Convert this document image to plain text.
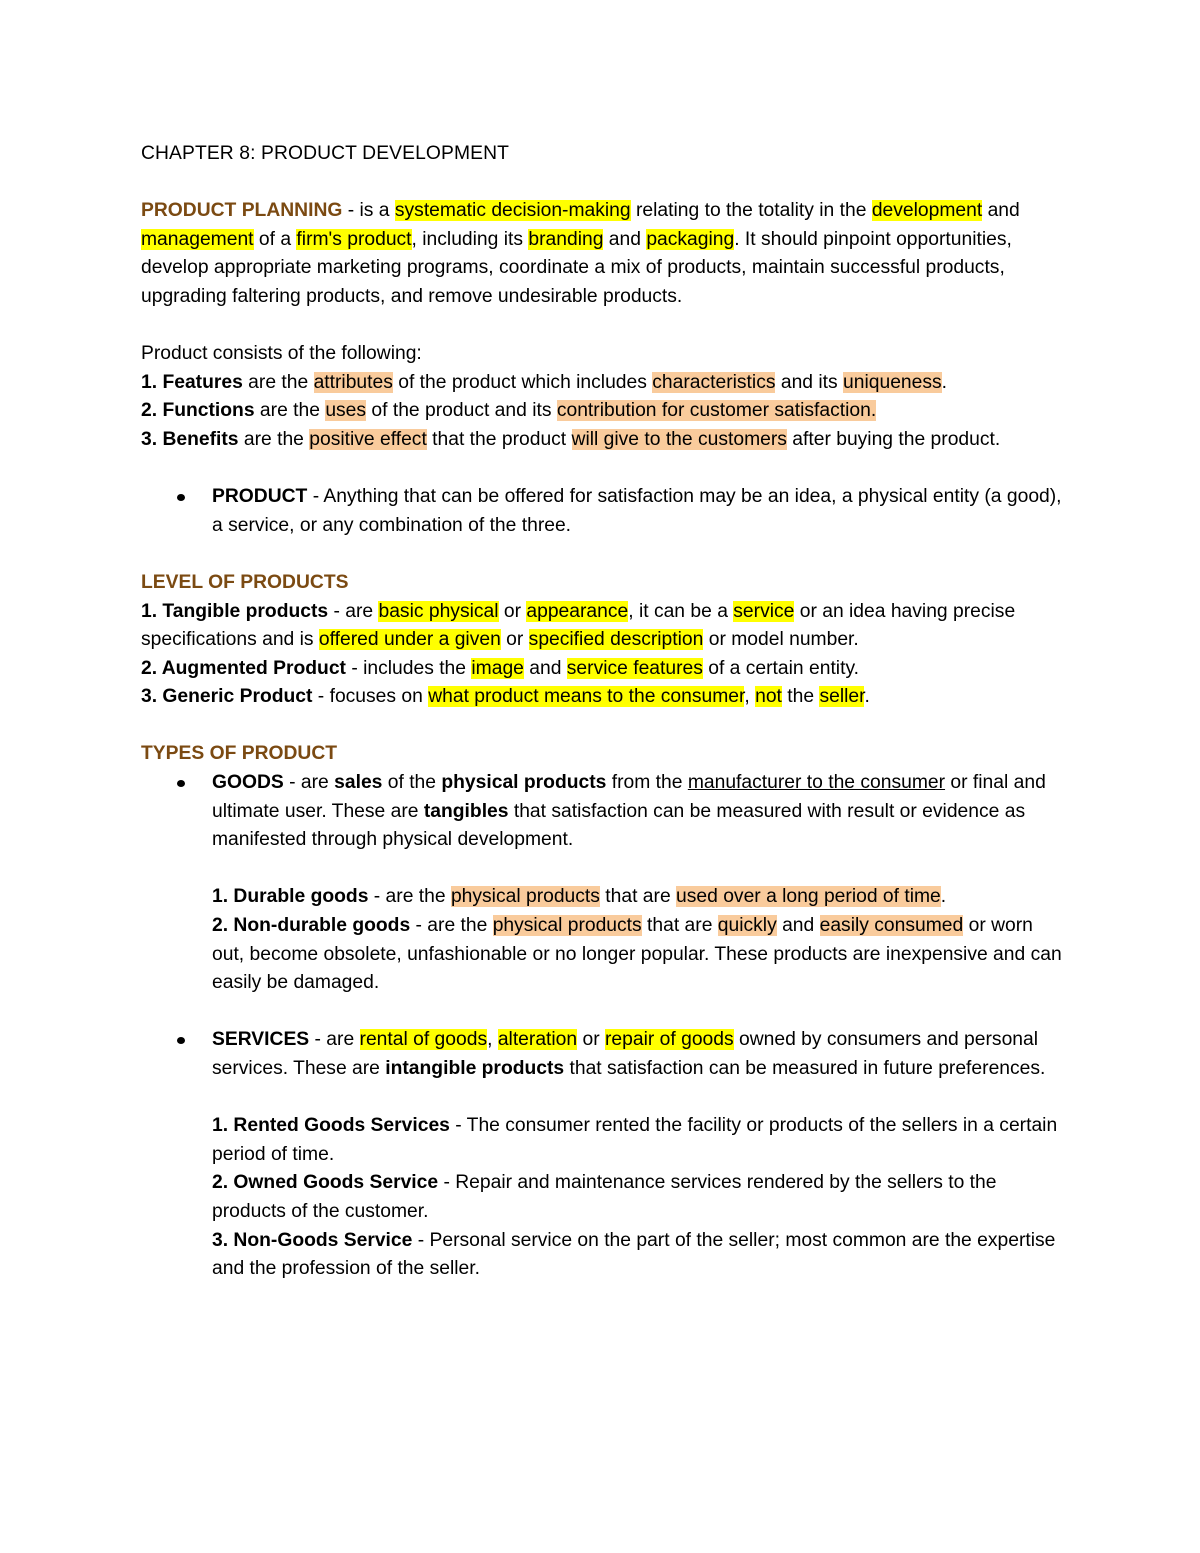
CHAPTER 8: PRODUCT DEVELOPMENT

PRODUCT PLANNING - is a systematic decision-making relating to the totality in the development and management of a firm's product, including its branding and packaging. It should pinpoint opportunities, develop appropriate marketing programs, coordinate a mix of products, maintain successful products, upgrading faltering products, and remove undesirable products.

Product consists of the following:

1. Features are the attributes of the product which includes characteristics and its uniqueness.

2. Functions are the uses of the product and its contribution for customer satisfaction.

3. Benefits are the positive effect that the product will give to the customers after buying the product.

PRODUCT - Anything that can be offered for satisfaction may be an idea, a physical entity (a good), a service, or any combination of the three.

LEVEL OF PRODUCTS

1. Tangible products - are basic physical or appearance, it can be a service or an idea having precise specifications and is offered under a given or specified description or model number.

2. Augmented Product - includes the image and service features of a certain entity.

3. Generic Product - focuses on what product means to the consumer, not the seller.

TYPES OF PRODUCT

GOODS - are sales of the physical products from the manufacturer to the consumer or final and ultimate user. These are tangibles that satisfaction can be measured with result or evidence as manifested through physical development.

1. Durable goods - are the physical products that are used over a long period of time.

2. Non-durable goods - are the physical products that are quickly and easily consumed or worn out, become obsolete, unfashionable or no longer popular. These products are inexpensive and can easily be damaged.

SERVICES - are rental of goods, alteration or repair of goods owned by consumers and personal services. These are intangible products that satisfaction can be measured in future preferences.

1. Rented Goods Services - The consumer rented the facility or products of the sellers in a certain period of time.

2. Owned Goods Service - Repair and maintenance services rendered by the sellers to the products of the customer.

3. Non-Goods Service - Personal service on the part of the seller; most common are the expertise and the profession of the seller.
